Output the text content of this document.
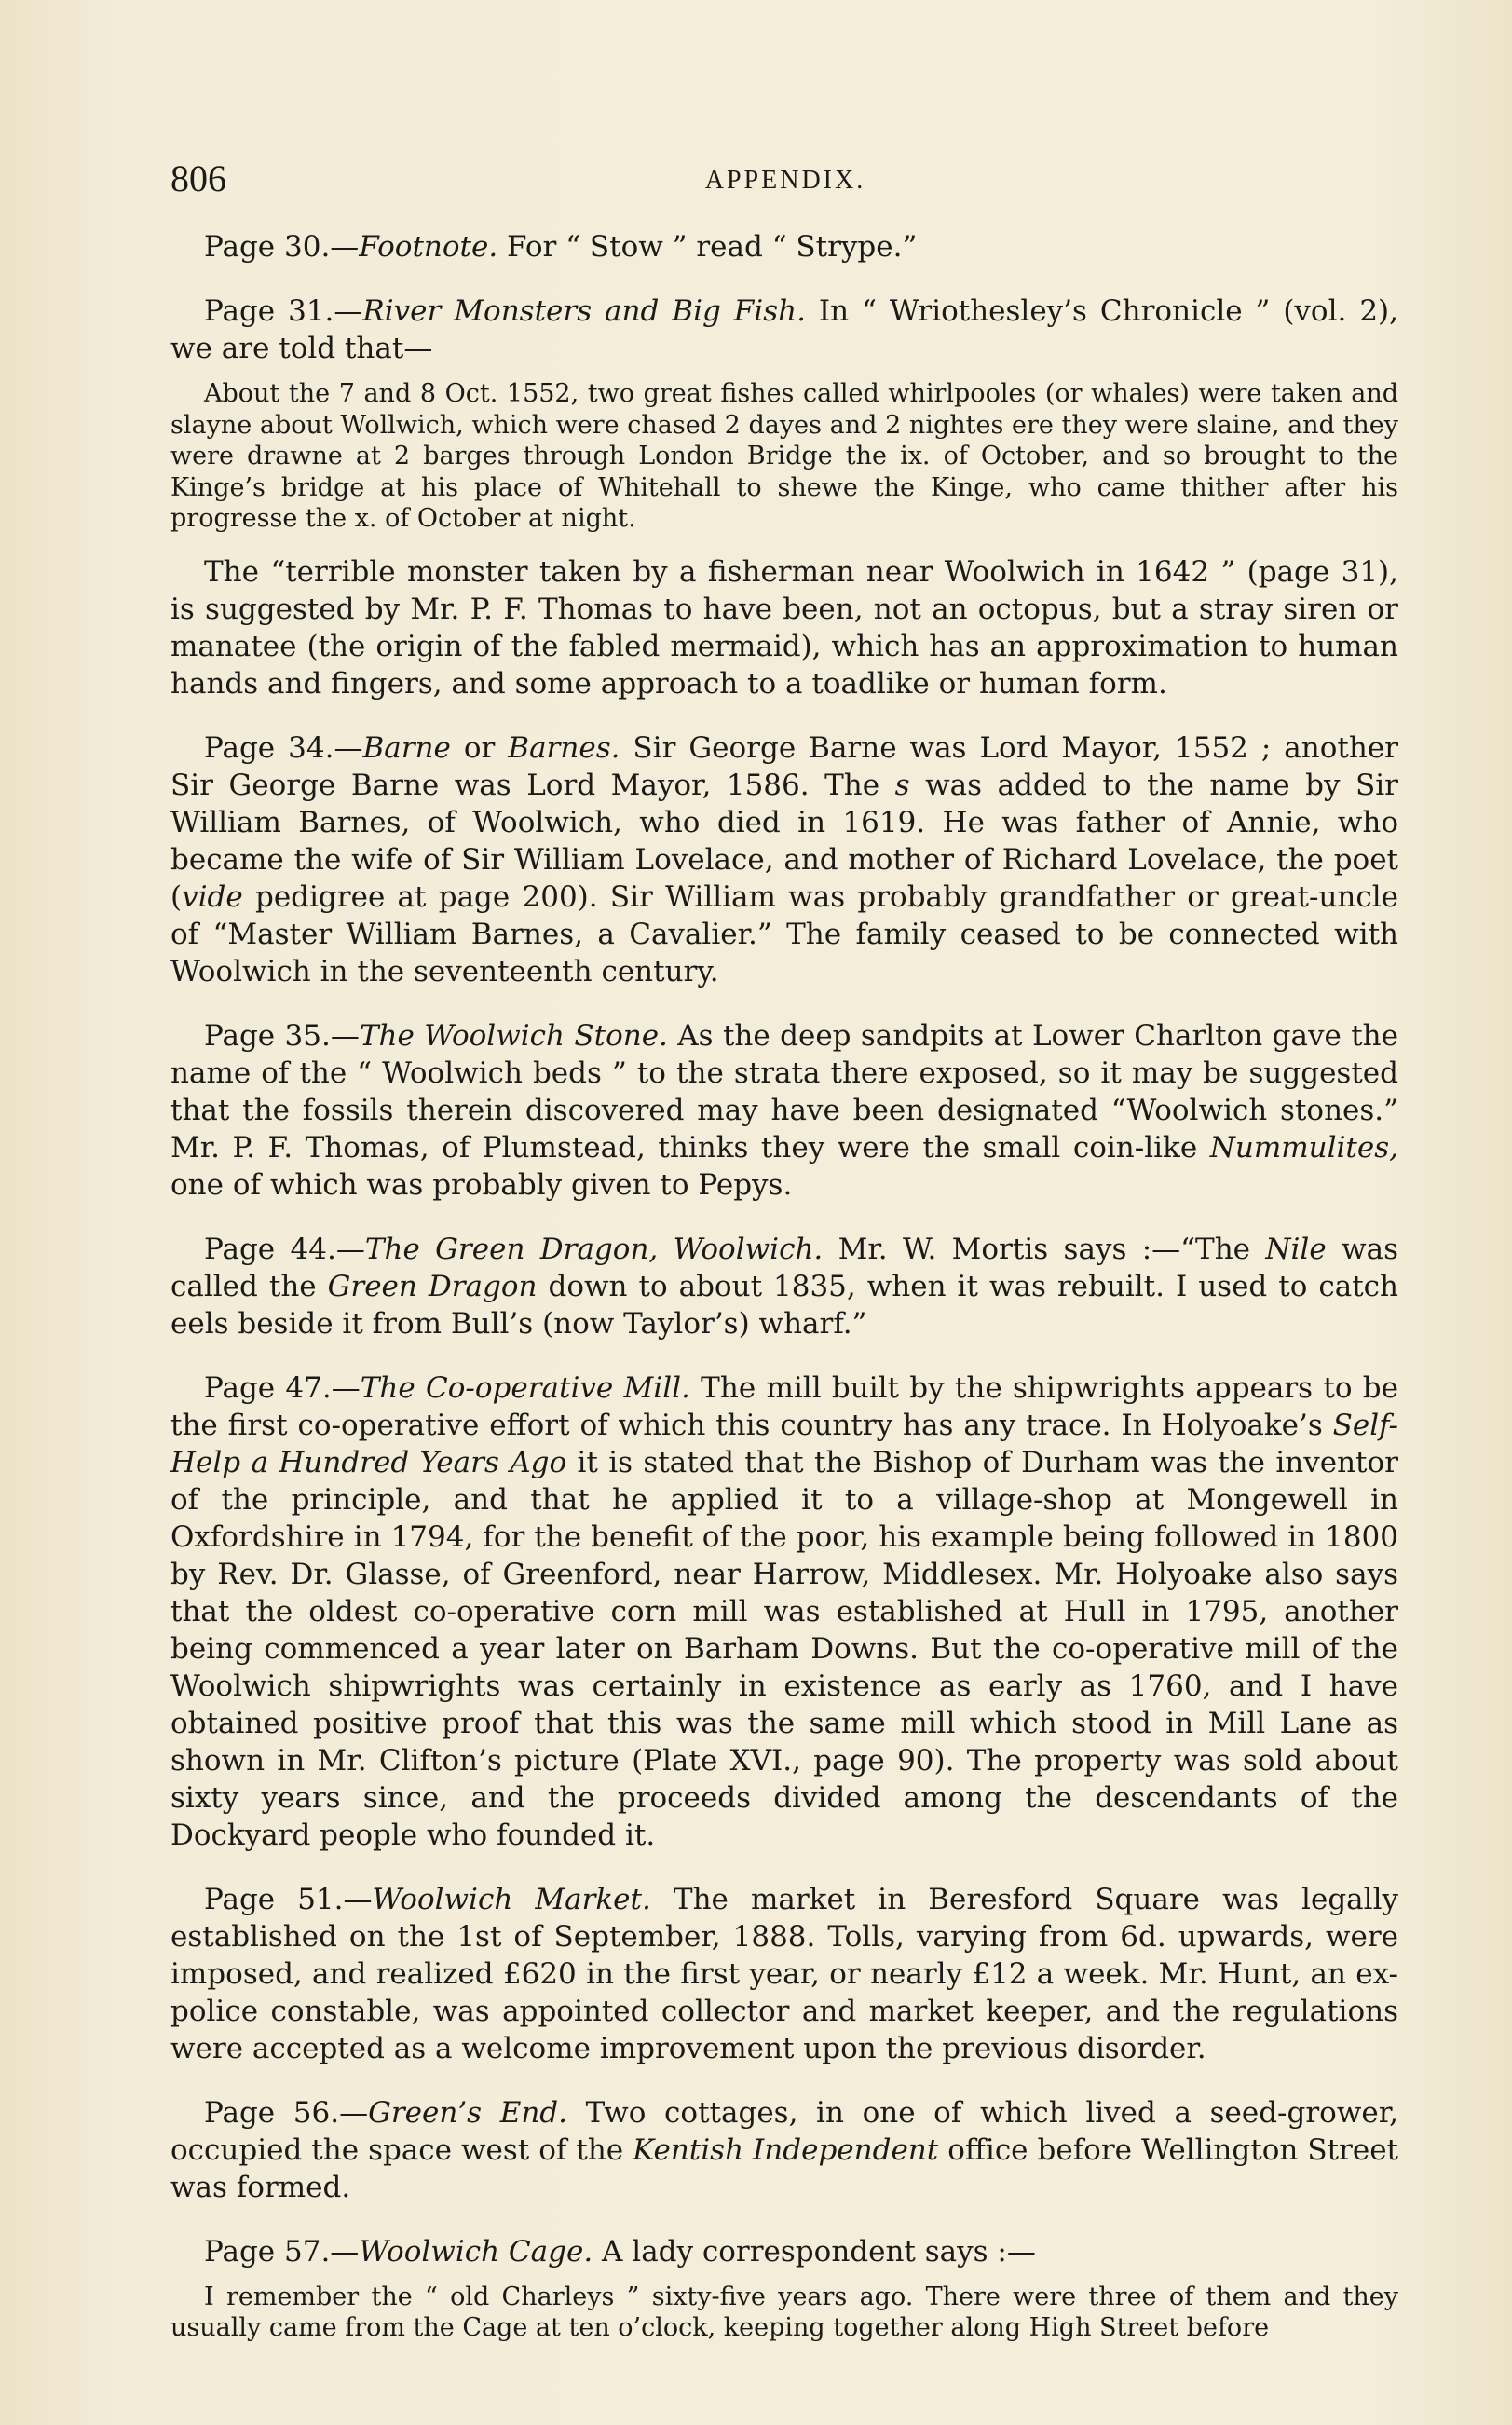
806	APPENDIX.

Page 30.—Footnote. For “ Stow ” read “ Strype.”

Page 31.—River Monsters and Big Fish. In “ Wriothesley’s Chronicle ” (vol. 2), we are told that—

About the 7 and 8 Oct. 1552, two great fishes called whirlpooles (or whales) were taken and slayne about Wollwich, which were chased 2 dayes and 2 nightes ere they were slaine, and they were drawne at 2 barges through London Bridge the ix. of October, and so brought to the Kinge’s bridge at his place of Whitehall to shewe the Kinge, who came thither after his progresse the x. of October at night.

The “terrible monster taken by a fisherman near Woolwich in 1642 ” (page 31), is suggested by Mr. P. F. Thomas to have been, not an octopus, but a stray siren or manatee (the origin of the fabled mermaid), which has an approximation to human hands and fingers, and some approach to a toadlike or human form.

Page 34.—Barne or Barnes. Sir George Barne was Lord Mayor, 1552 ; another Sir George Barne was Lord Mayor, 1586. The s was added to the name by Sir William Barnes, of Woolwich, who died in 1619. He was father of Annie, who became the wife of Sir William Lovelace, and mother of Richard Lovelace, the poet (vide pedigree at page 200). Sir William was probably grandfather or great-uncle of “Master William Barnes, a Cavalier.” The family ceased to be connected with Woolwich in the seventeenth century.

Page 35.—The Woolwich Stone. As the deep sandpits at Lower Charlton gave the name of the “ Woolwich beds ” to the strata there exposed, so it may be suggested that the fossils therein discovered may have been designated “Woolwich stones.” Mr. P. F. Thomas, of Plumstead, thinks they were the small coin-like Nummulites, one of which was probably given to Pepys.

Page 44.—The Green Dragon, Woolwich. Mr. W. Mortis says :—“The Nile was called the Green Dragon down to about 1835, when it was rebuilt. I used to catch eels beside it from Bull’s (now Taylor’s) wharf.”

Page 47.—The Co-operative Mill. The mill built by the shipwrights appears to be the first co-operative effort of which this country has any trace. In Holyoake’s Self-Help a Hundred Years Ago it is stated that the Bishop of Durham was the inventor of the principle, and that he applied it to a village-shop at Mongewell in Oxfordshire in 1794, for the benefit of the poor, his example being followed in 1800 by Rev. Dr. Glasse, of Greenford, near Harrow, Middlesex. Mr. Holyoake also says that the oldest co-operative corn mill was established at Hull in 1795, another being commenced a year later on Barham Downs. But the co-operative mill of the Woolwich shipwrights was certainly in existence as early as 1760, and I have obtained positive proof that this was the same mill which stood in Mill Lane as shown in Mr. Clifton’s picture (Plate XVI., page 90). The property was sold about sixty years since, and the proceeds divided among the descendants of the Dockyard people who founded it.

Page 51.—Woolwich Market. The market in Beresford Square was legally established on the 1st of September, 1888. Tolls, varying from 6d. upwards, were imposed, and realized £620 in the first year, or nearly £12 a week. Mr. Hunt, an ex-police constable, was appointed collector and market keeper, and the regulations were accepted as a welcome improvement upon the previous disorder.

Page 56.—Green’s End. Two cottages, in one of which lived a seed-grower, occupied the space west of the Kentish Independent office before Wellington Street was formed.

Page 57.—Woolwich Cage. A lady correspondent says :—

I remember the “ old Charleys ” sixty-five years ago. There were three of them and they usually came from the Cage at ten o’clock, keeping together along High Street before
